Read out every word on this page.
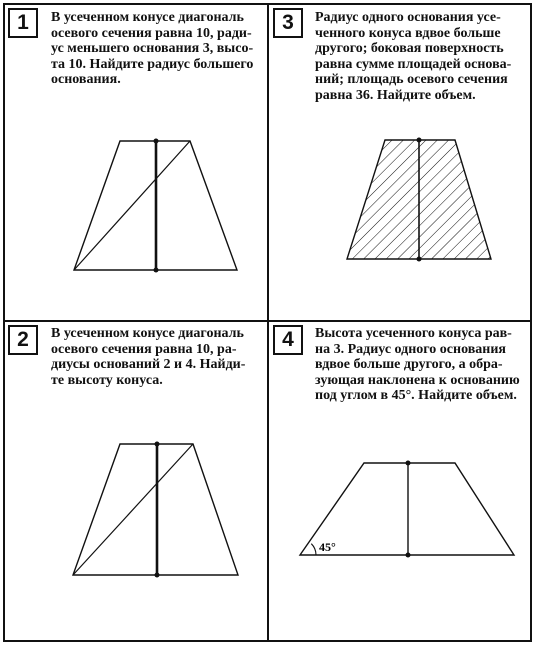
1	В усеченном конусе диагональ
осевого сечения равна 10, ради-
ус меньшего основания 3, высо-
та 10. Найдите радиус большего
основания.
3	Радиус одного основания усе-
ченного конуса вдвое больше
другого; боковая поверхность
равна сумме площадей основа-
ний; площадь осевого сечения
равна 36. Найдите объем.
2	В усеченном конусе диагональ
осевого сечения равна 10, ра-
диусы оснований 2 и 4. Найди-
те высоту конуса.
4	Высота усеченного конуса рав-
на 3. Радиус одного основания
вдвое больше другого, а обра-
зующая наклонена к основанию
под углом в 45°. Найдите объем.
45°
